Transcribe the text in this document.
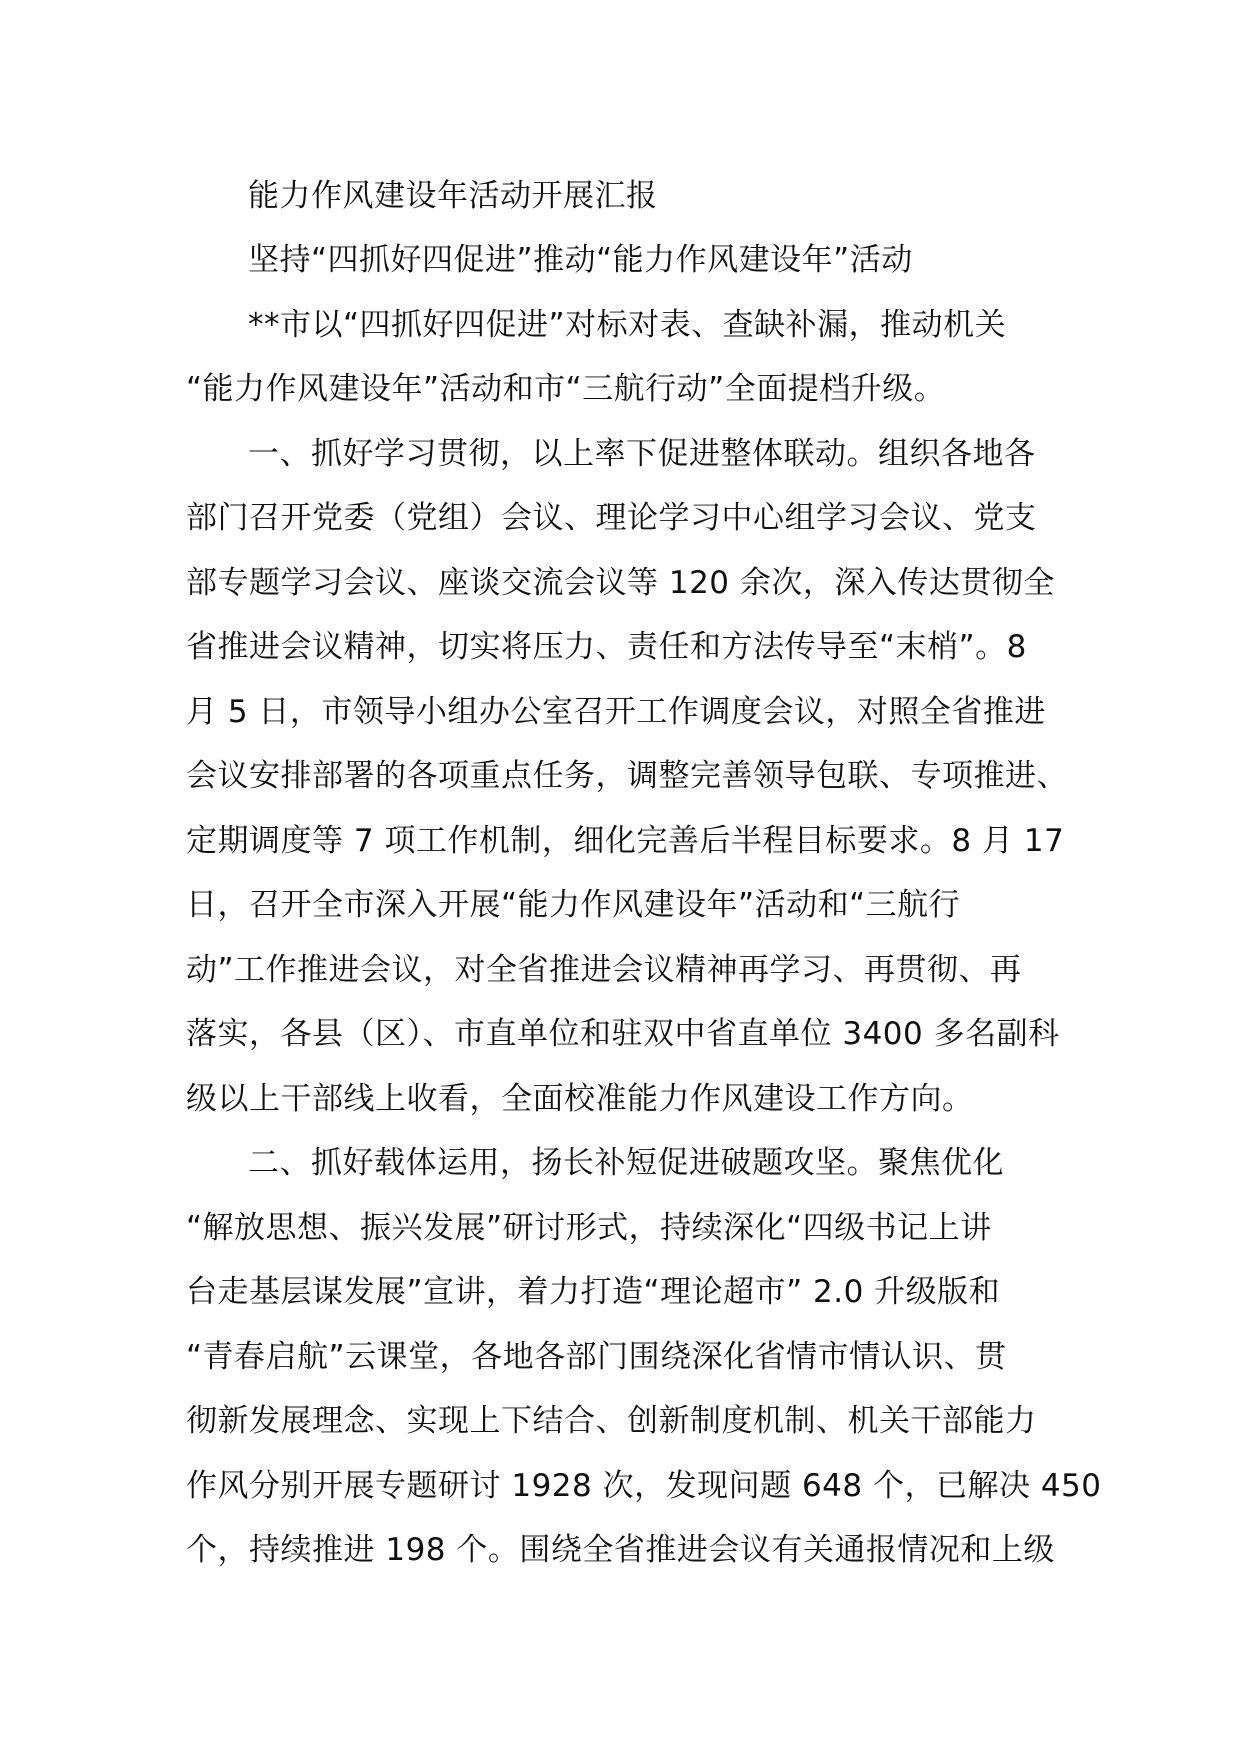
能力作风建设年活动开展汇报

坚持“四抓好四促进”推动“能力作风建设年”活动

**市以“四抓好四促进”对标对表、查缺补漏，推动机关

“能力作风建设年”活动和市“三航行动”全面提档升级。

一、抓好学习贯彻，以上率下促进整体联动。组织各地各

部门召开党委（党组）会议、理论学习中心组学习会议、党支

部专题学习会议、座谈交流会议等 120 余次，深入传达贯彻全

省推进会议精神，切实将压力、责任和方法传导至“末梢”。8

月 5 日，市领导小组办公室召开工作调度会议，对照全省推进

会议安排部署的各项重点任务，调整完善领导包联、专项推进、

定期调度等 7 项工作机制，细化完善后半程目标要求。8 月 17

日，召开全市深入开展“能力作风建设年”活动和“三航行

动”工作推进会议，对全省推进会议精神再学习、再贯彻、再

落实，各县（区）、市直单位和驻双中省直单位 3400 多名副科

级以上干部线上收看，全面校准能力作风建设工作方向。

二、抓好载体运用，扬长补短促进破题攻坚。聚焦优化

“解放思想、振兴发展”研讨形式，持续深化“四级书记上讲

台走基层谋发展”宣讲，着力打造“理论超市” 2.0 升级版和

“青春启航”云课堂，各地各部门围绕深化省情市情认识、贯

彻新发展理念、实现上下结合、创新制度机制、机关干部能力

作风分别开展专题研讨 1928 次，发现问题 648 个，已解决 450

个，持续推进 198 个。围绕全省推进会议有关通报情况和上级
